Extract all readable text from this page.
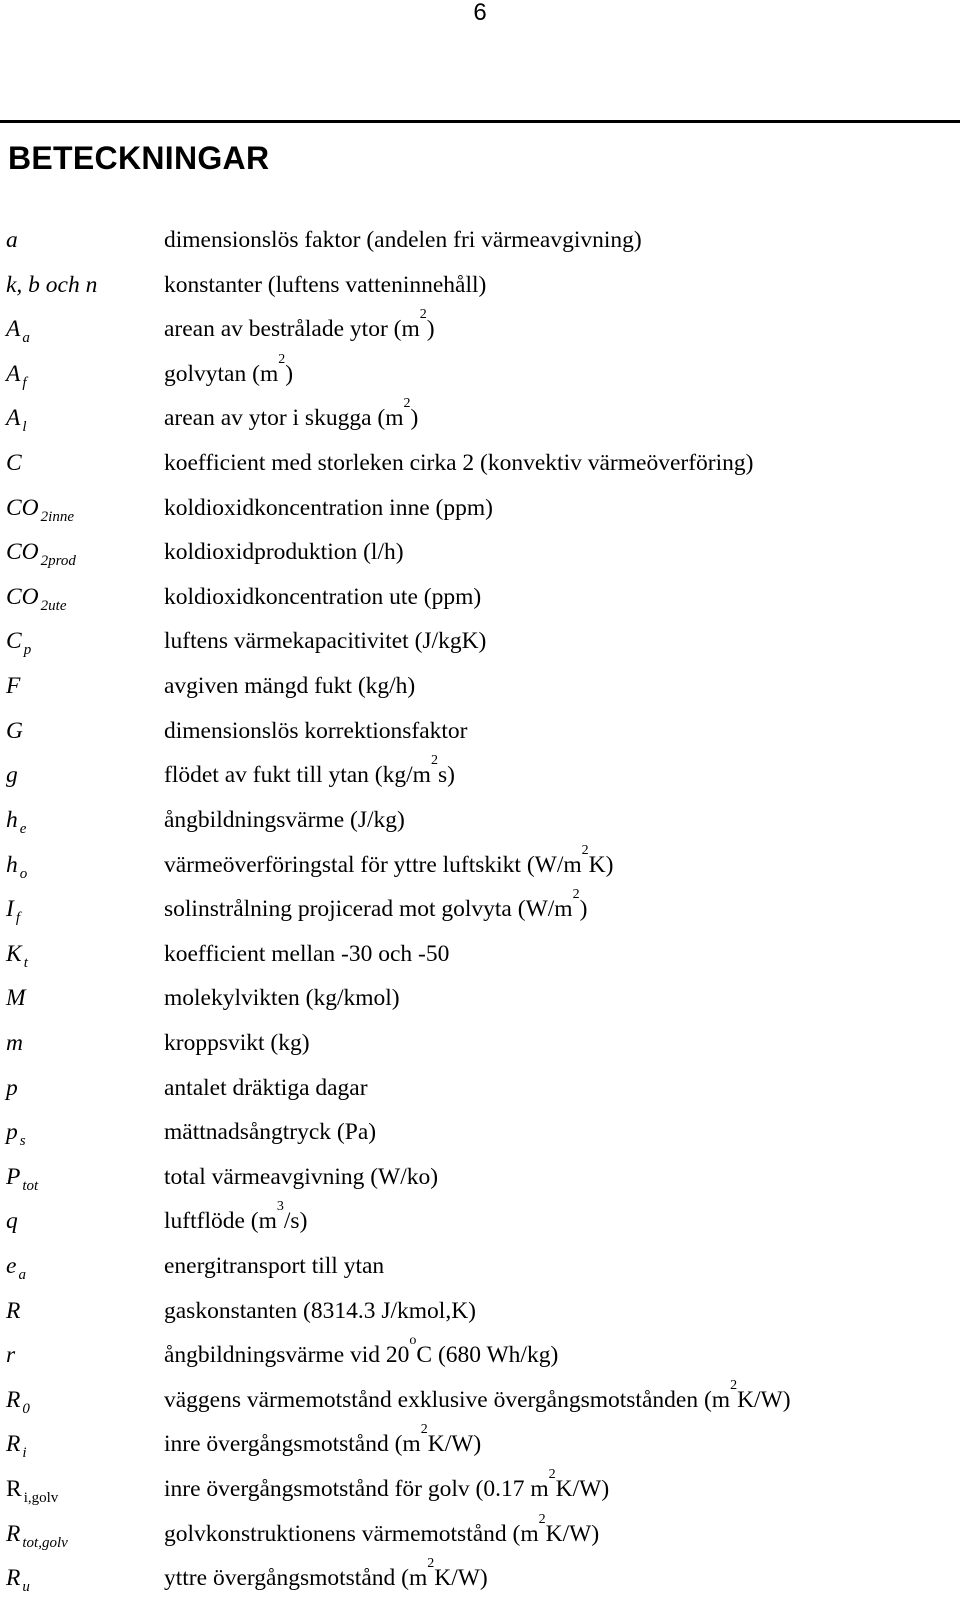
6
BETECKNINGAR
a	dimensionslös faktor (andelen fri värmeavgivning)
k, b och n	konstanter (luftens vatteninnehåll)
A $_a$	arean av bestrålade ytor $(m^2)$
A $_f$	golvytan $(m^2)$
A $_l$	arean av ytor i skugga $(m^2)$
C	koefficient med storleken cirka 2 (konvektiv värmeöverföring)
CO $_{2inne}$	koldioxidkoncentration inne (ppm)
CO $_{2prod}$	koldioxidproduktion (l/h)
CO $_{2ute}$	koldioxidkoncentration ute (ppm)
C $_p$	luftens värmekapacitivitet (J/kgK)
F	avgiven mängd fukt (kg/h)
G	dimensionslös korrektionsfaktor
g	flödet av fukt till ytan $(kg/m^2s)$
h $_e$	ångbildningsvärme (J/kg)
h $_o$	värmeöverföringstal för yttre luftskikt $(W/m^2K)$
I $_f$	solinstrålning projicerad mot golvyta $(W/m^2)$
K $_t$	koefficient mellan -30 och -50
M	molekylvikten (kg/kmol)
m	kroppsvikt (kg)
p	antalet dräktiga dagar
p $_s$	mättnadsångtryck (Pa)
P $_{tot}$	total värmeavgivning (W/ko)
q	luftflöde $(m^3/s)$
e $_a$	energitransport till ytan
R	gaskonstanten (8314.3 J/kmol,K)
r	ångbildningsvärme vid 20$^o$C (680 Wh/kg)
R $_0$	väggens värmemotstånd exklusive övergångsmotstånden $(m^2K/W)$
R $_i$	inre övergångsmotstånd $(m^2K/W)$
R $_{i,golv}$	inre övergångsmotstånd för golv (0.17 $m^2K/W$)
R $_{tot,golv}$	golvkonstruktionens värmemotstånd $(m^2K/W)$
R $_u$	yttre övergångsmotstånd $(m^2K/W)$
